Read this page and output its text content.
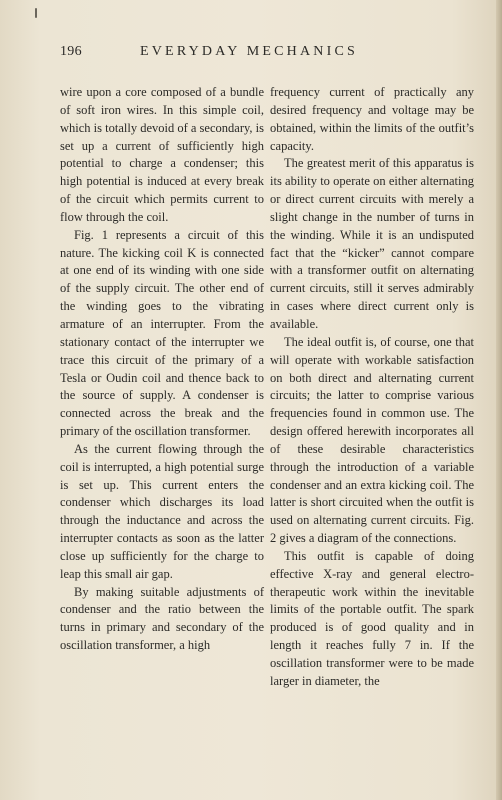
196	EVERYDAY MECHANICS

wire upon a core composed of a bundle of soft iron wires. In this simple coil, which is totally devoid of a secondary, is set up a current of sufficiently high potential to charge a condenser; this high potential is induced at every break of the circuit which permits current to flow through the coil.

Fig. 1 represents a circuit of this nature. The kicking coil K is connected at one end of its winding with one side of the supply circuit. The other end of the winding goes to the vibrating armature of an interrupter. From the stationary contact of the interrupter we trace this circuit of the primary of a Tesla or Oudin coil and thence back to the source of supply. A condenser is connected across the break and the primary of the oscillation transformer.

As the current flowing through the coil is interrupted, a high potential surge is set up. This current enters the condenser which discharges its load through the inductance and across the interrupter contacts as soon as the latter close up sufficiently for the charge to leap this small air gap.

By making suitable adjustments of condenser and the ratio between the turns in primary and secondary of the oscillation transformer, a high

frequency current of practically any desired frequency and voltage may be obtained, within the limits of the outfit’s capacity.

The greatest merit of this apparatus is its ability to operate on either alternating or direct current circuits with merely a slight change in the number of turns in the winding. While it is an undisputed fact that the “kicker” cannot compare with a transformer outfit on alternating current circuits, still it serves admirably in cases where direct current only is available.

The ideal outfit is, of course, one that will operate with workable satisfaction on both direct and alternating current circuits; the latter to comprise various frequencies found in common use. The design offered herewith incorporates all of these desirable characteristics through the introduction of a variable condenser and an extra kicking coil. The latter is short circuited when the outfit is used on alternating current circuits. Fig. 2 gives a diagram of the connections.

This outfit is capable of doing effective X-ray and general electro-therapeutic work within the inevitable limits of the portable outfit. The spark produced is of good quality and in length it reaches fully 7 in. If the oscillation transformer were to be made larger in diameter, the
